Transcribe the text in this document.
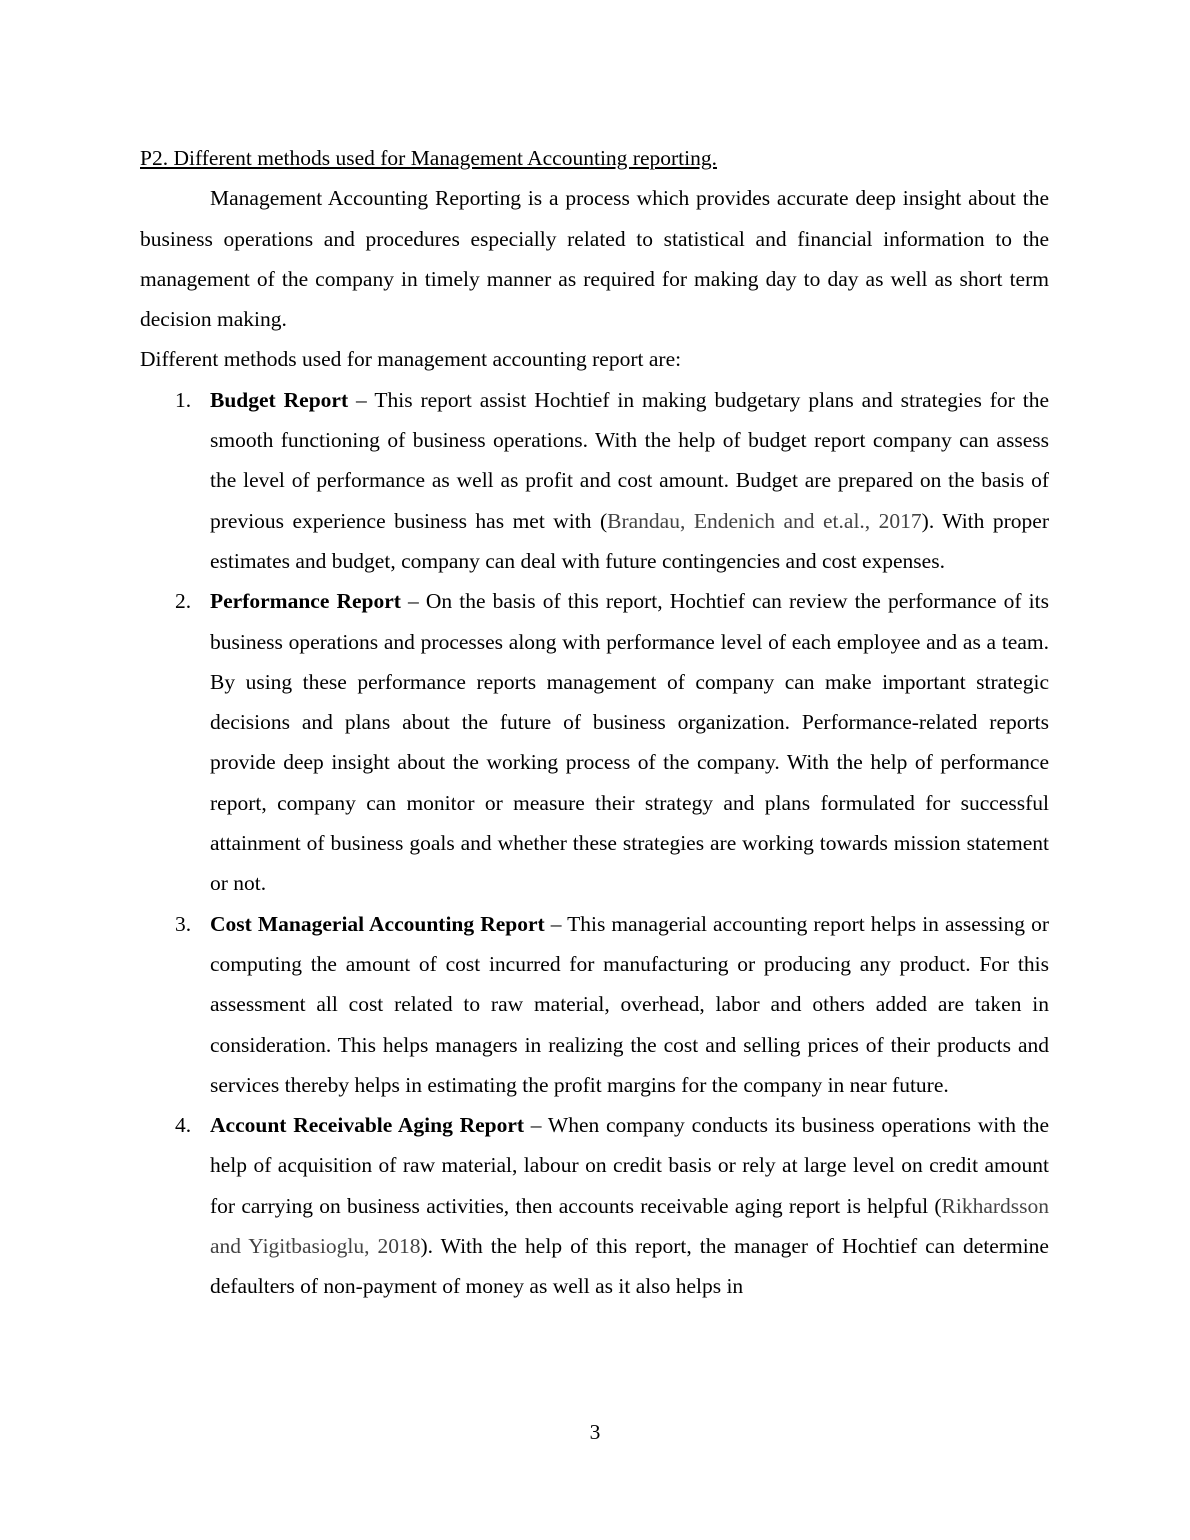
P2. Different methods used for Management Accounting reporting.

Management Accounting Reporting is a process which provides accurate deep insight about the business operations and procedures especially related to statistical and financial information to the management of the company in timely manner as required for making day to day as well as short term decision making.

Different methods used for management accounting report are:

1. Budget Report – This report assist Hochtief in making budgetary plans and strategies for the smooth functioning of business operations. With the help of budget report company can assess the level of performance as well as profit and cost amount. Budget are prepared on the basis of previous experience business has met with (Brandau, Endenich and et.al., 2017). With proper estimates and budget, company can deal with future contingencies and cost expenses.
2. Performance Report – On the basis of this report, Hochtief can review the performance of its business operations and processes along with performance level of each employee and as a team. By using these performance reports management of company can make important strategic decisions and plans about the future of business organization. Performance-related reports provide deep insight about the working process of the company. With the help of performance report, company can monitor or measure their strategy and plans formulated for successful attainment of business goals and whether these strategies are working towards mission statement or not.
3. Cost Managerial Accounting Report – This managerial accounting report helps in assessing or computing the amount of cost incurred for manufacturing or producing any product. For this assessment all cost related to raw material, overhead, labor and others added are taken in consideration. This helps managers in realizing the cost and selling prices of their products and services thereby helps in estimating the profit margins for the company in near future.
4. Account Receivable Aging Report – When company conducts its business operations with the help of acquisition of raw material, labour on credit basis or rely at large level on credit amount for carrying on business activities, then accounts receivable aging report is helpful (Rikhardsson and Yigitbasioglu, 2018). With the help of this report, the manager of Hochtief can determine defaulters of non-payment of money as well as it also helps in
3
